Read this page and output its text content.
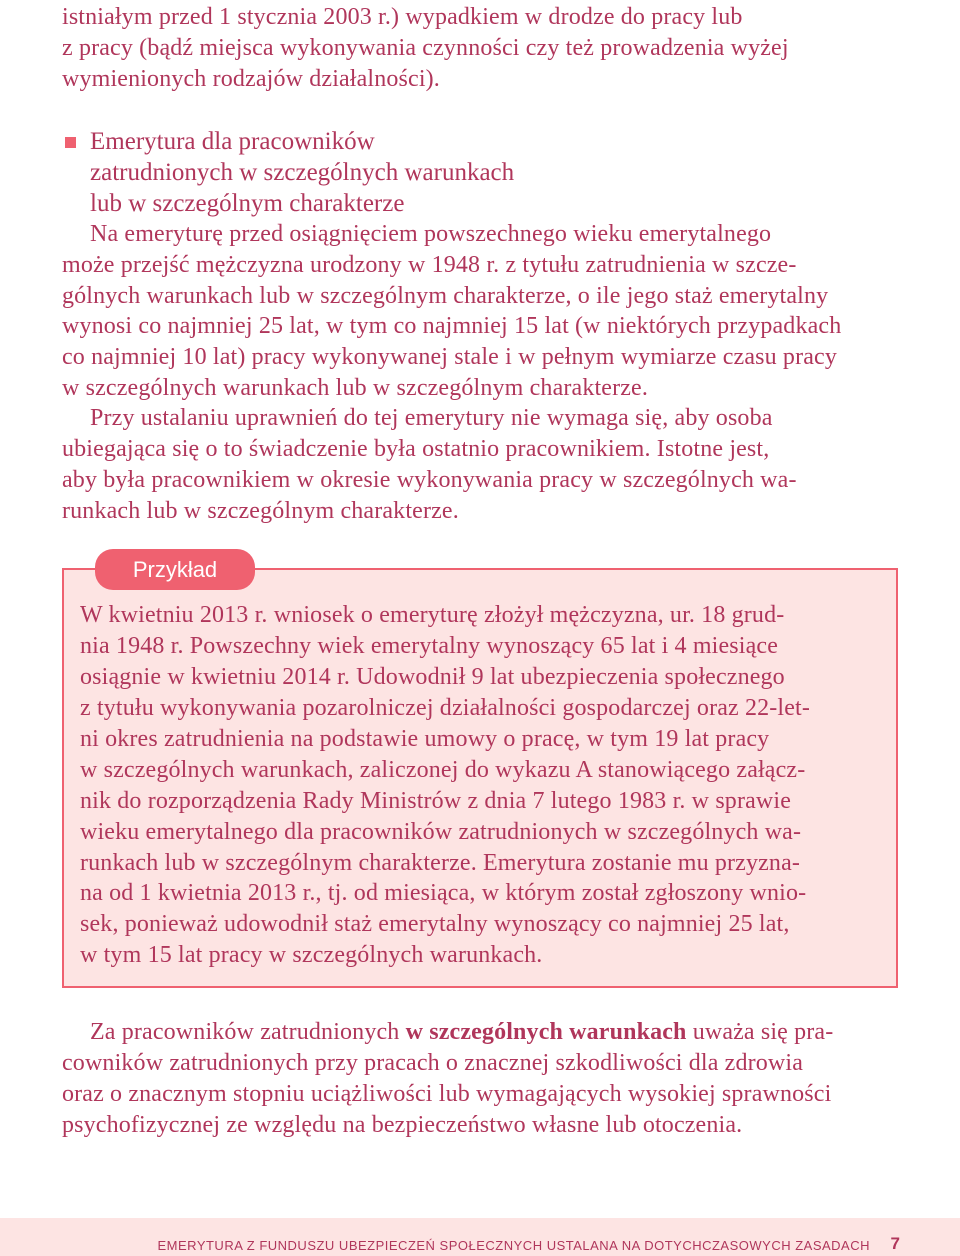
istniałym przed 1 stycznia 2003 r.) wypadkiem w drodze do pracy lub
z pracy (bądź miejsca wykonywania czynności czy też prowadzenia wyżej
wymienionych rodzajów działalności).
Emerytura dla pracowników
zatrudnionych w szczególnych warunkach
lub w szczególnym charakterze
Na emeryturę przed osiągnięciem powszechnego wieku emerytalnego
może przejść mężczyzna urodzony w 1948 r. z tytułu zatrudnienia w szcze-
gólnych warunkach lub w szczególnym charakterze, o ile jego staż emerytalny
wynosi co najmniej 25 lat, w tym co najmniej 15 lat (w niektórych przypadkach
co najmniej 10 lat) pracy wykonywanej stale i w pełnym wymiarze czasu pracy
w szczególnych warunkach lub w szczególnym charakterze.
Przy ustalaniu uprawnień do tej emerytury nie wymaga się, aby osoba
ubiegająca się o to świadczenie była ostatnio pracownikiem. Istotne jest,
aby była pracownikiem w okresie wykonywania pracy w szczególnych wa-
runkach lub w szczególnym charakterze.
Przykład
W kwietniu 2013 r. wniosek o emeryturę złożył mężczyzna, ur. 18 grud-
nia 1948 r. Powszechny wiek emerytalny wynoszący 65 lat i 4 miesiące
osiągnie w kwietniu 2014 r. Udowodnił 9 lat ubezpieczenia społecznego
z tytułu wykonywania pozarolniczej działalności gospodarczej oraz 22-let-
ni okres zatrudnienia na podstawie umowy o pracę, w tym 19 lat pracy
w szczególnych warunkach, zaliczonej do wykazu A stanowiącego załącz-
nik do rozporządzenia Rady Ministrów z dnia 7 lutego 1983 r. w sprawie
wieku emerytalnego dla pracowników zatrudnionych w szczególnych wa-
runkach lub w szczególnym charakterze. Emerytura zostanie mu przyzna-
na od 1 kwietnia 2013 r., tj. od miesiąca, w którym został zgłoszony wnio-
sek, ponieważ udowodnił staż emerytalny wynoszący co najmniej 25 lat,
w tym 15 lat pracy w szczególnych warunkach.
Za pracowników zatrudnionych w szczególnych warunkach uważa się pra-
cowników zatrudnionych przy pracach o znacznej szkodliwości dla zdrowia
oraz o znacznym stopniu uciążliwości lub wymagających wysokiej sprawności
psychofizycznej ze względu na bezpieczeństwo własne lub otoczenia.
EMERYTURA Z FUNDUSZU UBEZPIECZEŃ SPOŁECZNYCH USTALANA NA DOTYCHCZASOWYCH ZASADACH 7
